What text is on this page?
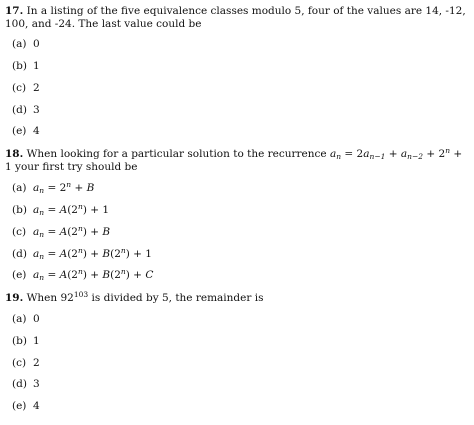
17. In a listing of the five equivalence classes modulo 5, four of the values are 14, -12, 100, and -24. The last value could be
(a) 0
(b) 1
(c) 2
(d) 3
(e) 4
18. When looking for a particular solution to the recurrence $a_n = 2a_{n-1} + a_{n-2} + 2^n + 1$ your first try should be
(a) $a_n = 2^n + B$
(b) $a_n = A(2^n) + 1$
(c) $a_n = A(2^n) + B$
(d) $a_n = A(2^n) + B(2^n) + 1$
(e) $a_n = A(2^n) + B(2^n) + C$
19. When $92^{103}$ is divided by 5, the remainder is
(a) 0
(b) 1
(c) 2
(d) 3
(e) 4
